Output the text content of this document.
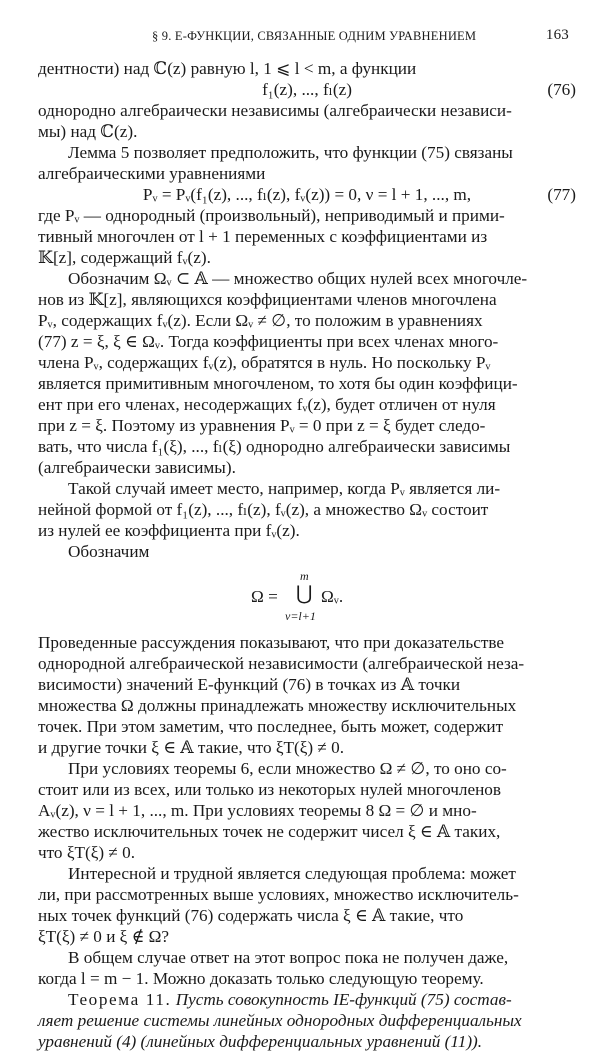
§ 9. Е-ФУНКЦИИ, СВЯЗАННЫЕ ОДНИМ УРАВНЕНИЕМ	163

дентности) над ℂ(z) равную l, 1 ⩽ l < m, а функции

f₁(z), ..., fₗ(z)	(76)

однородно алгебраически независимы (алгебраически независи-

мы) над ℂ(z).

Лемма 5 позволяет предположить, что функции (75) связаны

алгебраическими уравнениями

Pᵥ = Pᵥ(f₁(z), ..., fₗ(z), fᵥ(z)) = 0, ν = l + 1, ..., m,	(77)

где Pᵥ — однородный (произвольный), неприводимый и прими-

тивный многочлен от l + 1 переменных с коэффициентами из

𝕂[z], содержащий fᵥ(z).

Обозначим Ωᵥ ⊂ 𝔸 — множество общих нулей всех многочле-

нов из 𝕂[z], являющихся коэффициентами членов многочлена

Pᵥ, содержащих fᵥ(z). Если Ωᵥ ≠ ∅, то положим в уравнениях

(77) z = ξ, ξ ∈ Ωᵥ. Тогда коэффициенты при всех членах много-

члена Pᵥ, содержащих fᵥ(z), обратятся в нуль. Но поскольку Pᵥ

является примитивным многочленом, то хотя бы один коэффици-

ент при его членах, несодержащих fᵥ(z), будет отличен от нуля

при z = ξ. Поэтому из уравнения Pᵥ = 0 при z = ξ будет следо-

вать, что числа f₁(ξ), ..., fₗ(ξ) однородно алгебраически зависимы

(алгебраически зависимы).

Такой случай имеет место, например, когда Pᵥ является ли-

нейной формой от f₁(z), ..., fₗ(z), fᵥ(z), а множество Ωᵥ состоит

из нулей ее коэффициента при fᵥ(z).

Обозначим

Ω =
m
⋃
ν=l+1
Ωᵥ.

Проведенные рассуждения показывают, что при доказательстве

однородной алгебраической независимости (алгебраической неза-

висимости) значений Е-функций (76) в точках из 𝔸 точки

множества Ω должны принадлежать множеству исключительных

точек. При этом заметим, что последнее, быть может, содержит

и другие точки ξ ∈ 𝔸 такие, что ξT(ξ) ≠ 0.

При условиях теоремы 6, если множество Ω ≠ ∅, то оно со-

стоит или из всех, или только из некоторых нулей многочленов

Aᵥ(z), ν = l + 1, ..., m. При условиях теоремы 8 Ω = ∅ и мно-

жество исключительных точек не содержит чисел ξ ∈ 𝔸 таких,

что ξT(ξ) ≠ 0.

Интересной и трудной является следующая проблема: может

ли, при рассмотренных выше условиях, множество исключитель-

ных точек функций (76) содержать числа ξ ∈ 𝔸 такие, что

ξT(ξ) ≠ 0 и ξ ∉ Ω?

В общем случае ответ на этот вопрос пока не получен даже,

когда l = m − 1. Можно доказать только следующую теорему.

Теорема 11. Пусть совокупность IE-функций (75) состав-

ляет решение системы линейных однородных дифференциальных

уравнений (4) (линейных дифференциальных уравнений (11)).
